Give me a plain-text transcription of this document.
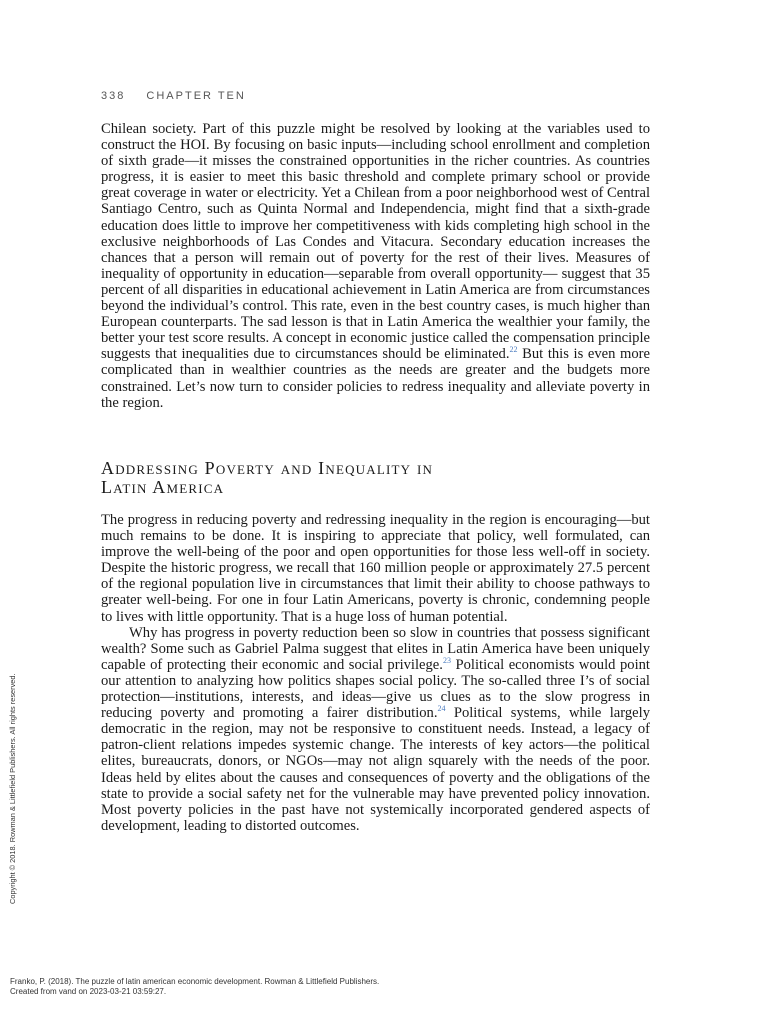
338 CHAPTER TEN

Chilean society. Part of this puzzle might be resolved by looking at the variables used to construct the HOI. By focusing on basic inputs—including school enrollment and completion of sixth grade—it misses the constrained opportunities in the richer countries. As countries progress, it is easier to meet this basic threshold and complete primary school or provide great coverage in water or electricity. Yet a Chilean from a poor neighborhood west of Central Santiago Centro, such as Quinta Normal and Independencia, might find that a sixth-grade education does little to improve her competitiveness with kids completing high school in the exclusive neighborhoods of Las Condes and Vitacura. Secondary education increases the chances that a person will remain out of poverty for the rest of their lives. Measures of inequality of opportunity in education—separable from overall opportunity— suggest that 35 percent of all disparities in educational achievement in Latin America are from circumstances beyond the individual’s control. This rate, even in the best country cases, is much higher than European counterparts. The sad lesson is that in Latin America the wealthier your family, the better your test score results. A concept in economic justice called the compensation principle suggests that inequalities due to circumstances should be eliminated.$^{22}$ But this is even more complicated than in wealthier countries as the needs are greater and the budgets more constrained. Let’s now turn to consider policies to redress inequality and alleviate poverty in the region.

Addressing Poverty and Inequality in
Latin America

The progress in reducing poverty and redressing inequality in the region is encouraging—but much remains to be done. It is inspiring to appreciate that policy, well formulated, can improve the well-being of the poor and open opportunities for those less well-off in society. Despite the historic progress, we recall that 160 million people or approximately 27.5 percent of the regional population live in circumstances that limit their ability to choose pathways to greater well-being. For one in four Latin Americans, poverty is chronic, condemning people to lives with little opportunity. That is a huge loss of human potential.

Why has progress in poverty reduction been so slow in countries that possess significant wealth? Some such as Gabriel Palma suggest that elites in Latin America have been uniquely capable of protecting their economic and social privilege.$^{23}$ Political economists would point our attention to analyzing how politics shapes social policy. The so-called three I’s of social protection—institutions, interests, and ideas—give us clues as to the slow progress in reducing poverty and promoting a fairer distribution.$^{24}$ Political systems, while largely democratic in the region, may not be responsive to constituent needs. Instead, a legacy of patron-client relations impedes systemic change. The interests of key actors—the political elites, bureaucrats, donors, or NGOs—may not align squarely with the needs of the poor. Ideas held by elites about the causes and consequences of poverty and the obligations of the state to provide a social safety net for the vulnerable may have prevented policy innovation. Most poverty policies in the past have not systemically incorporated gendered aspects of development, leading to distorted outcomes.

Copyright © 2018. Rowman & Littlefield Publishers. All rights reserved.
Franko, P. (2018). The puzzle of latin american economic development. Rowman & Littlefield Publishers.
Created from vand on 2023-03-21 03:59:27.
